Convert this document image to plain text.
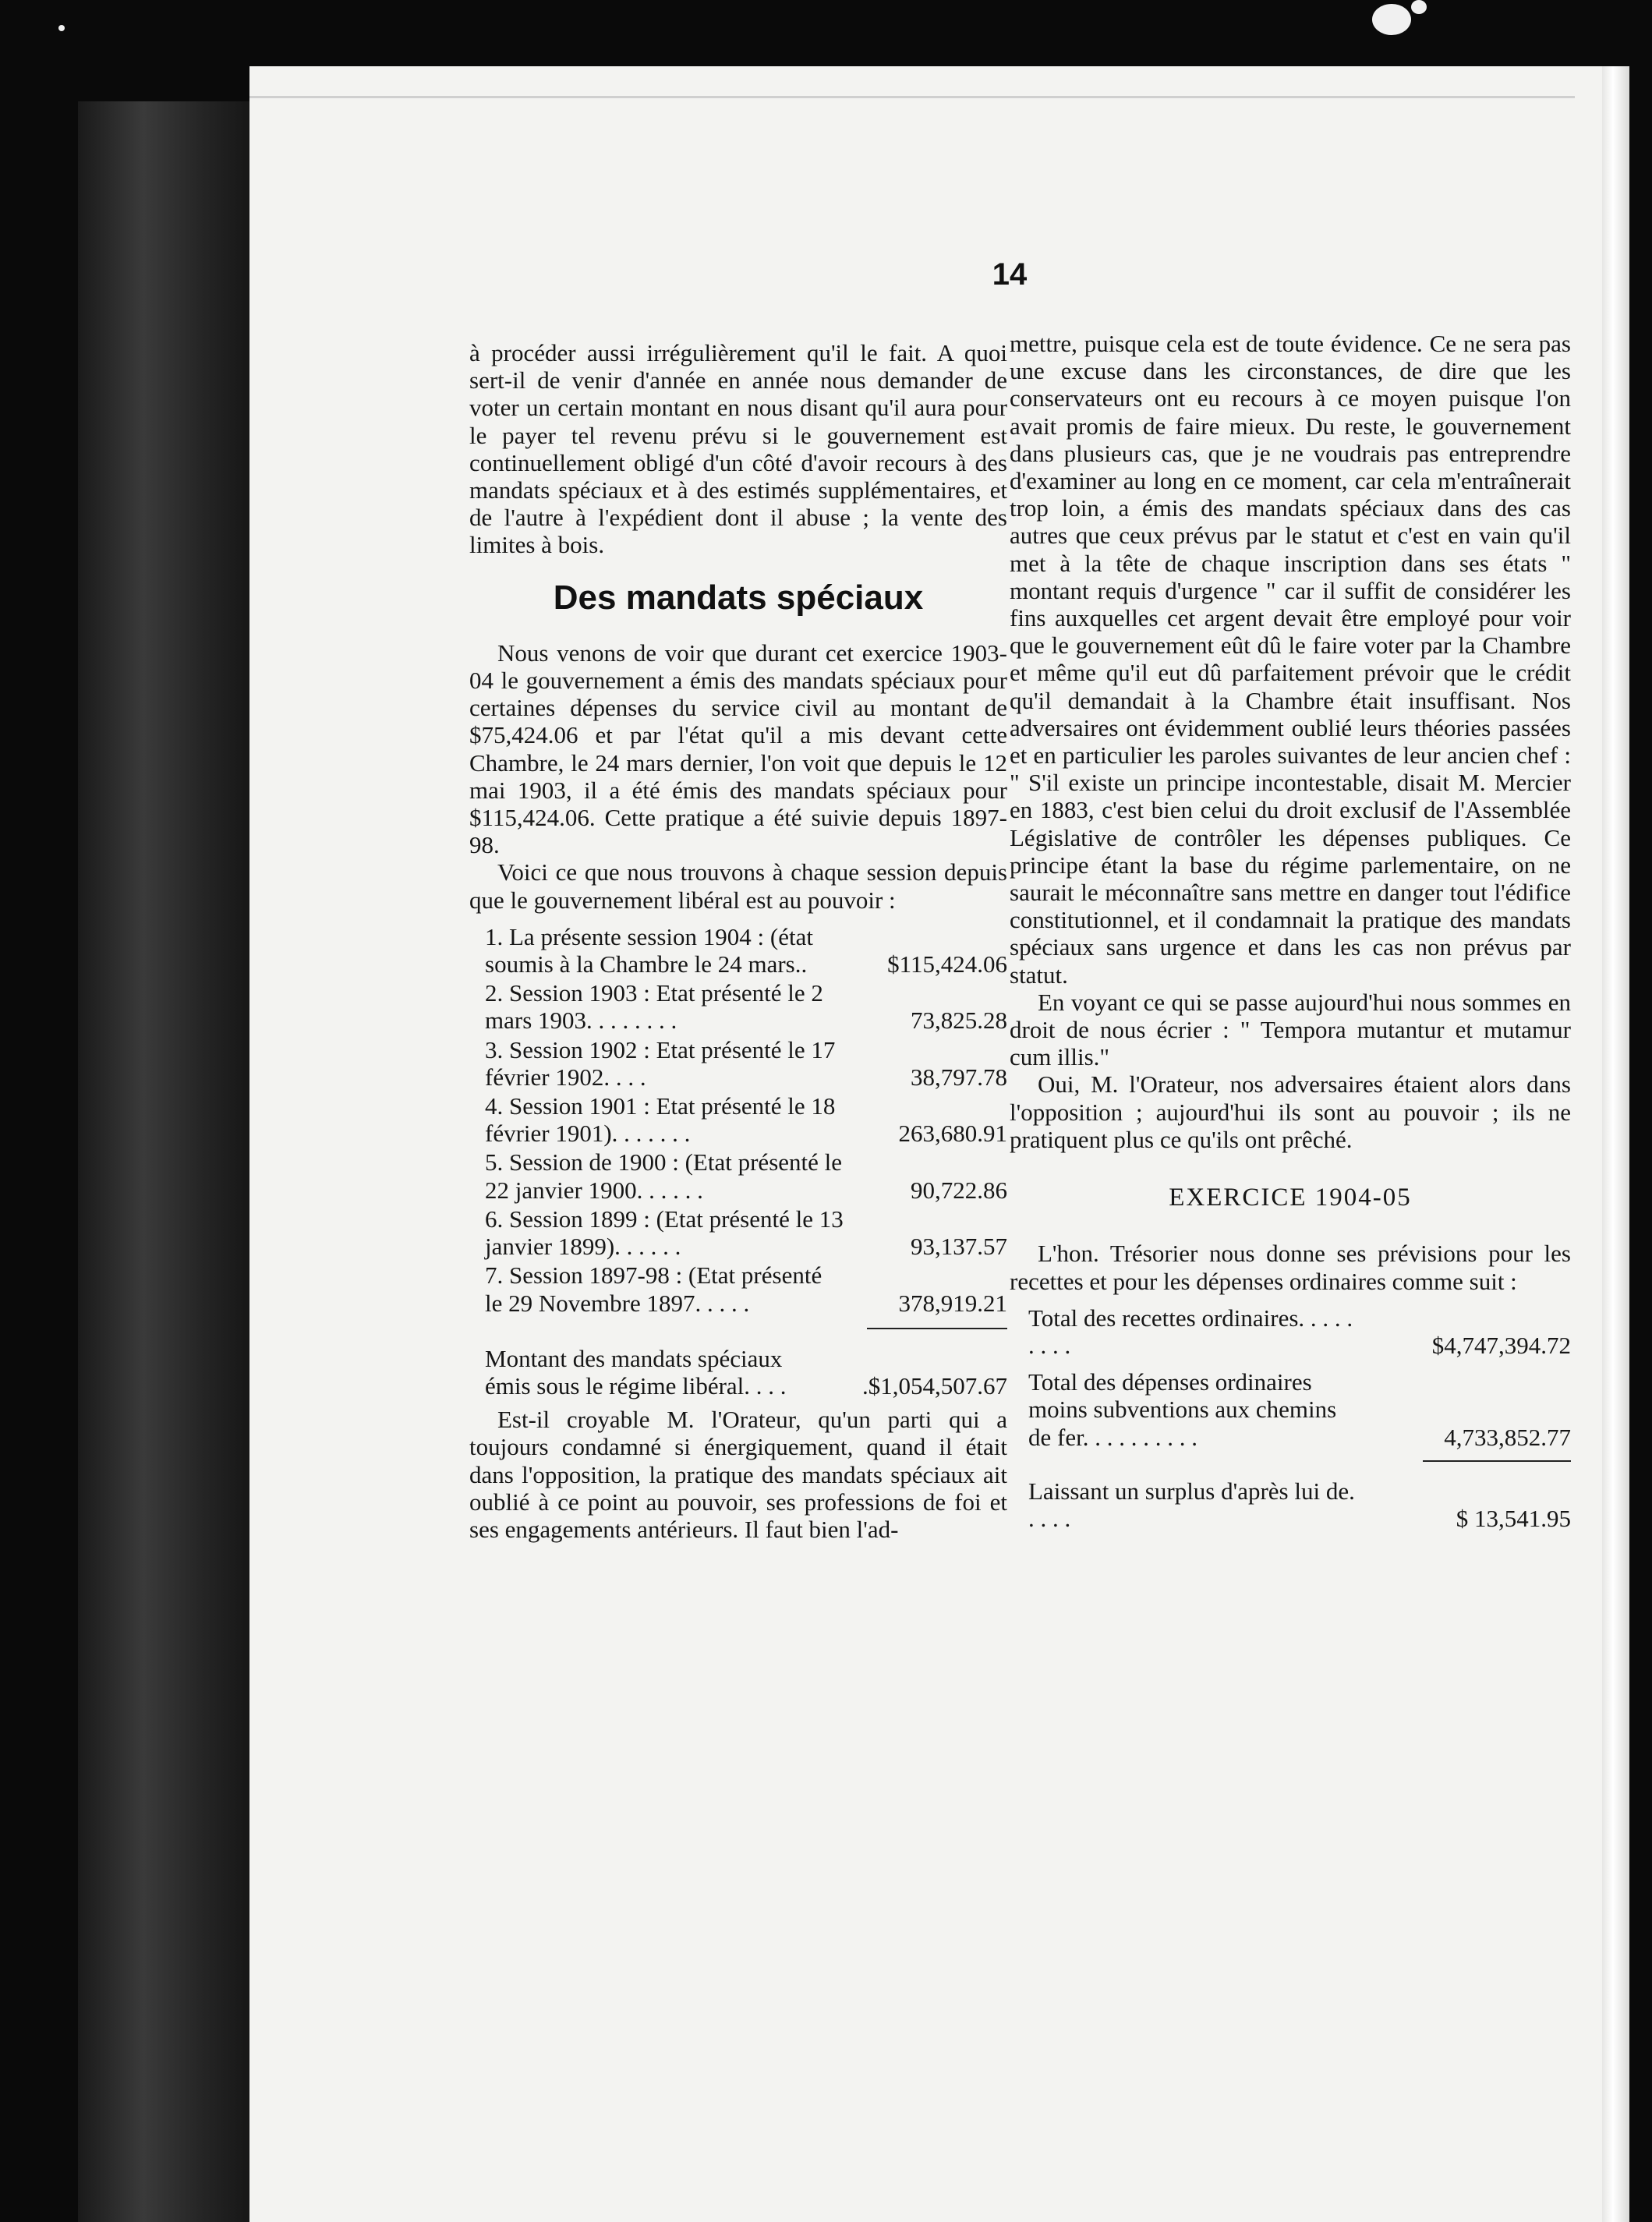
14

à procéder aussi irrégulièrement qu'il le fait. A quoi sert-il de venir d'année en année nous demander de voter un certain montant en nous disant qu'il aura pour le payer tel revenu prévu si le gouvernement est continuellement obligé d'un côté d'avoir recours à des mandats spéciaux et à des estimés supplémentaires, et de l'autre à l'expédient dont il abuse ; la vente des limites à bois.

Des mandats spéciaux

Nous venons de voir que durant cet exercice 1903-04 le gouvernement a émis des mandats spéciaux pour certaines dépenses du service civil au montant de $75,424.06 et par l'état qu'il a mis devant cette Chambre, le 24 mars dernier, l'on voit que depuis le 12 mai 1903, il a été émis des mandats spéciaux pour $115,424.06. Cette pratique a été suivie depuis 1897-98.

Voici ce que nous trouvons à chaque session depuis que le gouvernement libéral est au pouvoir :

1. La présente session 1904 : (état soumis à la Chambre le 24 mars..	$115,424.06
2. Session 1903 : Etat présenté le 2 mars 1903. . . . . . . .	73,825.28
3. Session 1902 : Etat présenté le 17 février 1902. . . .	38,797.78
4. Session 1901 : Etat présenté le 18 février 1901). . . . . . .	263,680.91
5. Session de 1900 : (Etat présenté le 22 janvier 1900. . . . . .	90,722.86
6. Session 1899 : (Etat présenté le 13 janvier 1899). . . . . .	93,137.57
7. Session 1897-98 : (Etat présenté le 29 Novembre 1897. . . . .	378,919.21
Montant des mandats spéciaux émis sous le régime libéral. . . .	.$1,054,507.67

Est-il croyable M. l'Orateur, qu'un parti qui a toujours condamné si énergiquement, quand il était dans l'opposition, la pratique des mandats spéciaux ait oublié à ce point au pouvoir, ses professions de foi et ses engagements antérieurs. Il faut bien l'ad-

mettre, puisque cela est de toute évidence. Ce ne sera pas une excuse dans les circonstances, de dire que les conservateurs ont eu recours à ce moyen puisque l'on avait promis de faire mieux. Du reste, le gouvernement dans plusieurs cas, que je ne voudrais pas entreprendre d'examiner au long en ce moment, car cela m'entraînerait trop loin, a émis des mandats spéciaux dans des cas autres que ceux prévus par le statut et c'est en vain qu'il met à la tête de chaque inscription dans ses états " montant requis d'urgence " car il suffit de considérer les fins auxquelles cet argent devait être employé pour voir que le gouvernement eût dû le faire voter par la Chambre et même qu'il eut dû parfaitement prévoir que le crédit qu'il demandait à la Chambre était insuffisant. Nos adversaires ont évidemment oublié leurs théories passées et en particulier les paroles suivantes de leur ancien chef : " S'il existe un principe incontestable, disait M. Mercier en 1883, c'est bien celui du droit exclusif de l'Assemblée Législative de contrôler les dépenses publiques. Ce principe étant la base du régime parlementaire, on ne saurait le méconnaître sans mettre en danger tout l'édifice constitutionnel, et il condamnait la pratique des mandats spéciaux sans urgence et dans les cas non prévus par statut.

En voyant ce qui se passe aujourd'hui nous sommes en droit de nous écrier : " Tempora mutantur et mutamur cum illis."

Oui, M. l'Orateur, nos adversaires étaient alors dans l'opposition ; aujourd'hui ils sont au pouvoir ; ils ne pratiquent plus ce qu'ils ont prêché.

EXERCICE 1904-05

L'hon. Trésorier nous donne ses prévisions pour les recettes et pour les dépenses ordinaires comme suit :

Total des recettes ordinaires. . . . . . . . .	$4,747,394.72
Total des dépenses ordinaires moins subventions aux chemins de fer. . . . . . . . . .	4,733,852.77
Laissant un surplus d'après lui de. . . . .	$ 13,541.95
